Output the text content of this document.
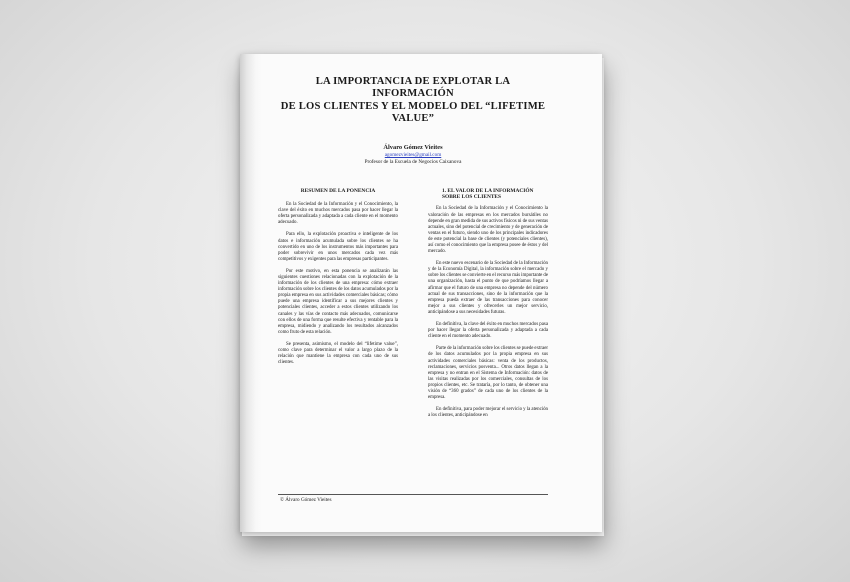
LA IMPORTANCIA DE EXPLOTAR LA INFORMACIÓN
DE LOS CLIENTES Y EL MODELO DEL “LIFETIME
VALUE”
Álvaro Gómez Vieites
agomezvieites@gmail.com
Profesor de la Escuela de Negocios Caixanova
RESUMEN DE LA PONENCIA

En la Sociedad de la Información y el Conocimiento, la clave del éxito en muchos mercados pasa por hacer llegar la oferta personalizada y adaptada a cada cliente en el momento adecuado.

Para ello, la explotación proactiva e inteligente de los datos e información acumulada sobre los clientes se ha convertido en uno de los instrumentos más importantes para poder sobrevivir en unos mercados cada vez más competitivos y exigentes para las empresas participantes.

Por este motivo, en esta ponencia se analizarán las siguientes cuestiones relacionadas con la explotación de la información de los clientes de una empresa: cómo extraer información sobre los clientes de los datos acumulados por la propia empresa en sus actividades comerciales básicas; cómo puede una empresa identificar a sus mejores clientes y potenciales clientes, acceder a estos clientes utilizando los canales y las vías de contacto más adecuados, comunicarse con ellos de una forma que resulte efectiva y rentable para la empresa, midiendo y analizando los resultados alcanzados como fruto de esta relación.

Se presenta, asimismo, el modelo del “lifetime value”, como clave para determinar el valor a largo plazo de la relación que mantiene la empresa con cada uno de sus clientes.

1. EL VALOR DE LA INFORMACIÓN SOBRE LOS CLIENTES

En la Sociedad de la Información y el Conocimiento la valoración de las empresas en los mercados bursátiles no depende en gran medida de sus activos físicos ni de sus ventas actuales, sino del potencial de crecimiento y de generación de ventas en el futuro, siendo uno de los principales indicadores de este potencial la base de clientes (y potenciales clientes), así como el conocimiento que la empresa posee de éstos y del mercado.

En este nuevo escenario de la Sociedad de la Información y de la Economía Digital, la información sobre el mercado y sobre los clientes se convierte en el recurso más importante de una organización, hasta el punto de que podríamos llegar a afirmar que el futuro de una empresa no depende del número actual de sus transacciones, sino de la información que la empresa pueda extraer de las transacciones para conocer mejor a sus clientes y ofrecerles un mejor servicio, anticipándose a sus necesidades futuras.

En definitiva, la clave del éxito en muchos mercados pasa por hacer llegar la oferta personalizada y adaptada a cada cliente en el momento adecuado.

Parte de la información sobre los clientes se puede extraer de los datos acumulados por la propia empresa en sus actividades comerciales básicas: venta de los productos, reclamaciones, servicios posventa... Otros datos llegan a la empresa y no entran en el Sistema de Información: datos de las visitas realizadas por los comerciales, consultas de los propios clientes, etc. Se trataría, por lo tanto, de obtener una visión de “360 grados” de cada uno de los clientes de la empresa.

En definitiva, para poder mejorar el servicio y la atención a los clientes, anticipándose en

© Álvaro Gómez Vieites
